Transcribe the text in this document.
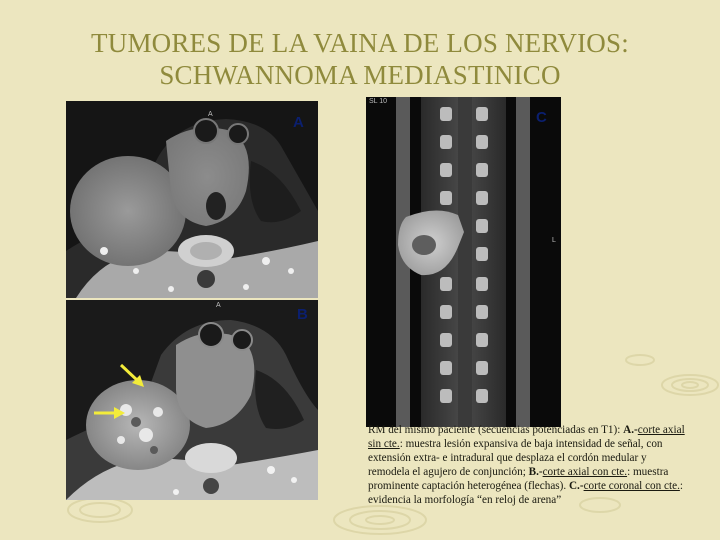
TUMORES DE LA VAINA DE LOS NERVIOS:
SCHWANNOMA MEDIASTINICO
A	A
A
B
SL 10
L
C
RM del mismo paciente (secuencias potenciadas en T1): A.-corte axial sin cte.: muestra lesión expansiva de baja intensidad de señal, con extensión extra- e intradural que desplaza el cordón medular y remodela el agujero de conjunción; B.-corte axial con cte.: muestra prominente captación heterogénea (flechas). C.-corte coronal con cte.: evidencia la morfología “en reloj de arena”
